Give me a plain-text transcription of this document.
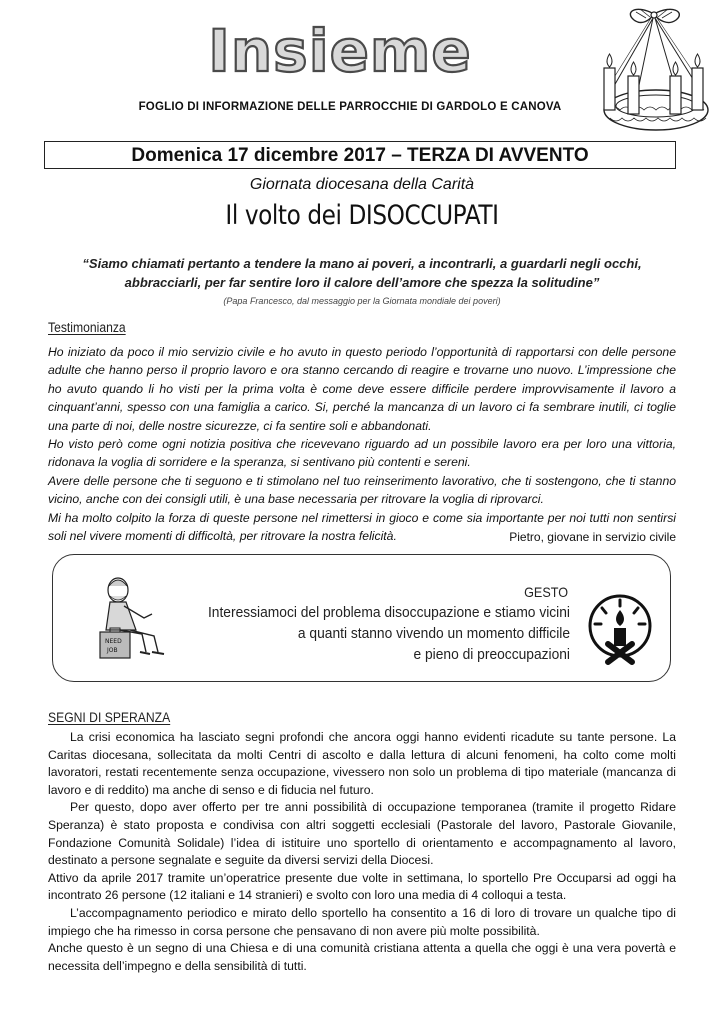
Insieme
FOGLIO DI INFORMAZIONE DELLE PARROCCHIE DI GARDOLO E CANOVA
Domenica 17 dicembre 2017 – TERZA DI AVVENTO
Giornata diocesana della Carità
Il volto dei DISOCCUPATI
“Siamo chiamati pertanto a tendere la mano ai poveri, a incontrarli, a guardarli negli occhi,
abbracciarli, per far sentire loro il calore dell’amore che spezza la solitudine”
(Papa Francesco, dal messaggio per la Giornata mondiale dei poveri)
Testimonianza

Ho iniziato da poco il mio servizio civile e ho avuto in questo periodo l’opportunità di rapportarsi con delle persone adulte che hanno perso il proprio lavoro e ora stanno cercando di reagire e trovarne uno nuovo. L’impressione che ho avuto quando li ho visti per la prima volta è come deve essere difficile perdere improvvisamente il lavoro a cinquant’anni, spesso con una famiglia a carico. Si, perché la mancanza di un lavoro ci fa sembrare inutili, ci toglie una parte di noi, delle nostre sicurezze, ci fa sentire soli e abbandonati.

Ho visto però come ogni notizia positiva che ricevevano riguardo ad un possibile lavoro era per loro una vittoria, ridonava la voglia di sorridere e la speranza, si sentivano più contenti e sereni.

Avere delle persone che ti seguono e ti stimolano nel tuo reinserimento lavorativo, che ti sostengono, che ti stanno vicino, anche con dei consigli utili, è una base necessaria per ritrovare la voglia di riprovarci.

Mi ha molto colpito la forza di queste persone nel rimettersi in gioco e come sia importante per noi tutti non sentirsi soli nel vivere momenti di difficoltà, per ritrovare la nostra felicità.	Pietro, giovane in servizio civile
NEED
JOB
GESTO
Interessiamoci del problema disoccupazione e stiamo vicini
a quanti stanno vivendo un momento difficile
e pieno di preoccupazioni
SEGNI DI SPERANZA

La crisi economica ha lasciato segni profondi che ancora oggi hanno evidenti ricadute su tante persone. La Caritas diocesana, sollecitata da molti Centri di ascolto e dalla lettura di alcuni fenomeni, ha colto come molti lavoratori, restati recentemente senza occupazione, vivessero non solo un problema di tipo materiale (mancanza di lavoro e di reddito) ma anche di senso e di fiducia nel futuro.

Per questo, dopo aver offerto per tre anni possibilità di occupazione temporanea (tramite il progetto Ridare Speranza) è stato proposta e condivisa con altri soggetti ecclesiali (Pastorale del lavoro, Pastorale Giovanile, Fondazione Comunità Solidale) l’idea di istituire uno sportello di orientamento e accompagnamento al lavoro, destinato a persone segnalate e seguite da diversi servizi della Diocesi.

Attivo da aprile 2017 tramite un’operatrice presente due volte in settimana, lo sportello Pre Occuparsi ad oggi ha incontrato 26 persone (12 italiani e 14 stranieri) e svolto con loro una media di 4 colloqui a testa.

L’accompagnamento periodico e mirato dello sportello ha consentito a 16 di loro di trovare un qualche tipo di impiego che ha rimesso in corsa persone che pensavano di non avere più molte possibilità.

Anche questo è un segno di una Chiesa e di una comunità cristiana attenta a quella che oggi è una vera povertà e necessita dell’impegno e della sensibilità di tutti.
